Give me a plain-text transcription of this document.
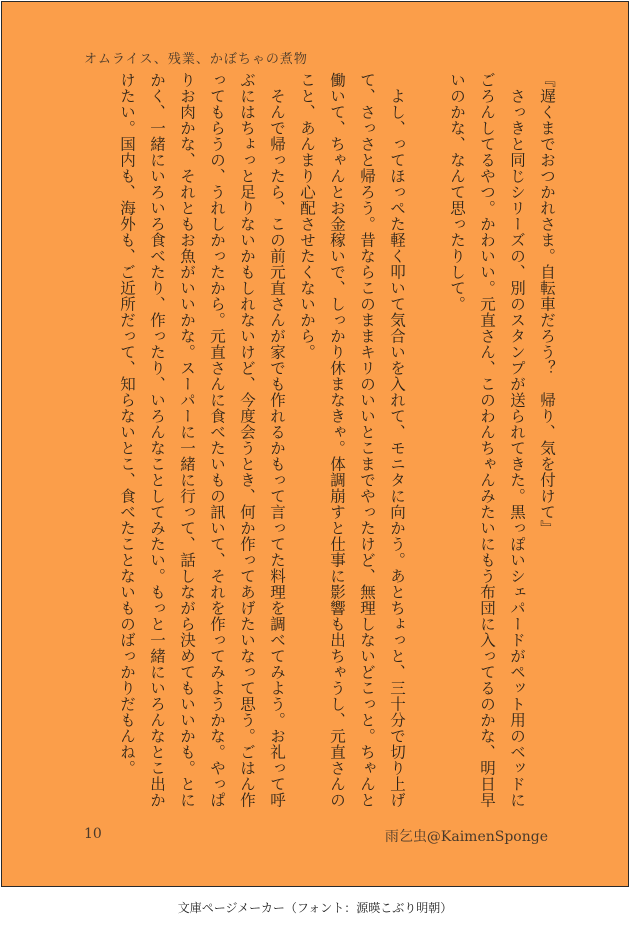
オムライス、残業、かぼちゃの煮物

『遅くまでおつかれさま。自転車だろう？　帰り、気を付けて』

　さっきと同じシリーズの、別のスタンプが送られてきた。黒っぽいシェパードがペット用のベッドにごろんしてるやつ。かわいい。元直さん、このわんちゃんみたいにもう布団に入ってるのかな、明日早いのかな、なんて思ったりして。

　よし、ってほっぺた軽く叩いて気合いを入れて、モニタに向かう。あとちょっと、三十分で切り上げて、さっさと帰ろう。昔ならこのままキリのいいとこまでやったけど、無理しないどこっと。ちゃんと働いて、ちゃんとお金稼いで、しっかり休まなきゃ。体調崩すと仕事に影響も出ちゃうし、元直さんのこと、あんまり心配させたくないから。

　そんで帰ったら、この前元直さんが家でも作れるかもって言ってた料理を調べてみよう。お礼って呼ぶにはちょっと足りないかもしれないけど、今度会うとき、何か作ってあげたいなって思う。ごはん作ってもらうの、うれしかったから。元直さんに食べたいもの訊いて、それを作ってみようかな。やっぱりお肉かな、それともお魚がいいかな。スーパーに一緒に行って、話しながら決めてもいいかも。とにかく、一緒にいろいろ食べたり、作ったり、いろんなことしてみたい。もっと一緒にいろんなとこ出かけたい。国内も、海外も、ご近所だって、知らないとこ、食べたことないものばっかりだもんね。

10	雨乞虫@KaimenSponge
文庫ページメーカー（フォント：源暎こぶり明朝）
